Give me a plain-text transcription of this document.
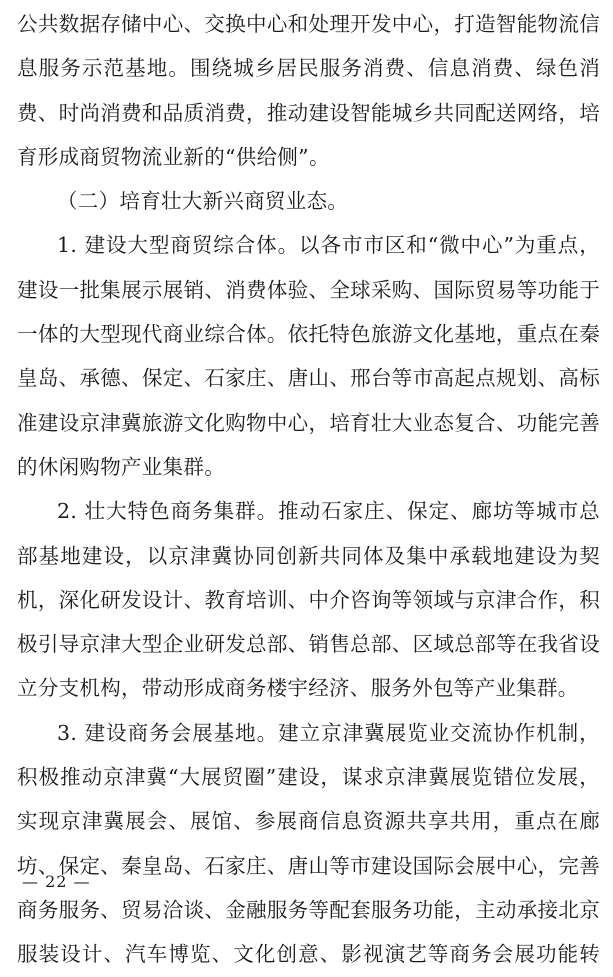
公共数据存储中心、交换中心和处理开发中心，打造智能物流信
息服务示范基地。围绕城乡居民服务消费、信息消费、绿色消
费、时尚消费和品质消费，推动建设智能城乡共同配送网络，培
育形成商贸物流业新的“供给侧”。
（二）培育壮大新兴商贸业态。
1. 建设大型商贸综合体。以各市市区和“微中心”为重点，
建设一批集展示展销、消费体验、全球采购、国际贸易等功能于
一体的大型现代商业综合体。依托特色旅游文化基地，重点在秦
皇岛、承德、保定、石家庄、唐山、邢台等市高起点规划、高标
准建设京津冀旅游文化购物中心，培育壮大业态复合、功能完善
的休闲购物产业集群。
2. 壮大特色商务集群。推动石家庄、保定、廊坊等城市总
部基地建设，以京津冀协同创新共同体及集中承载地建设为契
机，深化研发设计、教育培训、中介咨询等领域与京津合作，积
极引导京津大型企业研发总部、销售总部、区域总部等在我省设
立分支机构，带动形成商务楼宇经济、服务外包等产业集群。
3. 建设商务会展基地。建立京津冀展览业交流协作机制，
积极推动京津冀“大展贸圈”建设，谋求京津冀展览错位发展，
实现京津冀展会、展馆、参展商信息资源共享共用，重点在廊
坊、保定、秦皇岛、石家庄、唐山等市建设国际会展中心，完善
商务服务、贸易洽谈、金融服务等配套服务功能，主动承接北京
服装设计、汽车博览、文化创意、影视演艺等商务会展功能转
— 22 —
